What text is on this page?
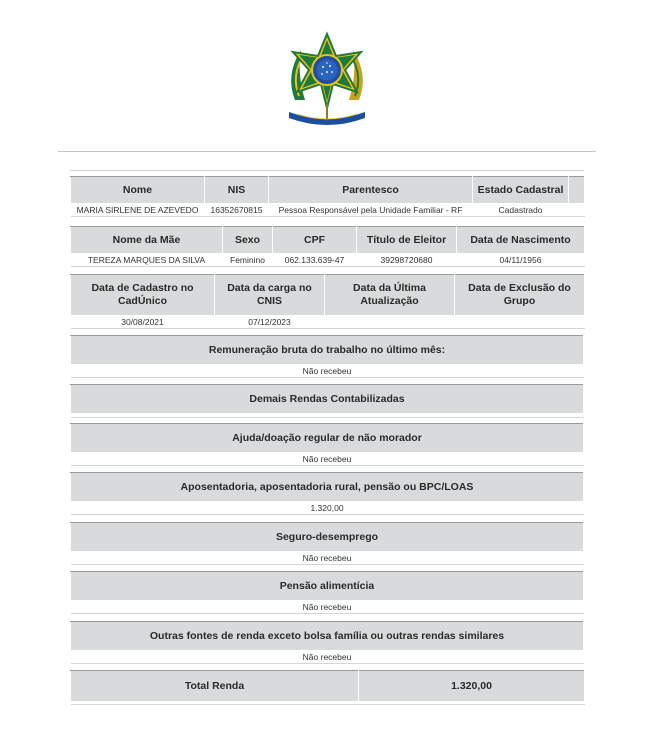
Nome	NIS	Parentesco	Estado Cadastral	
MARIA SIRLENE DE AZEVEDO	16352670815	Pessoa Responsável pela Unidade Familiar - RF	Cadastrado	
Nome da Mãe	Sexo	CPF	Título de Eleitor	Data de Nascimento
TEREZA MARQUES DA SILVA	Feminino	062.133.639-47	39298720680	04/11/1956
Data de Cadastro no CadÚnico	Data da carga no CNIS	Data da Última Atualização	Data de Exclusão do Grupo
30/08/2021	07/12/2023		
Remuneração bruta do trabalho no último mês:
Não recebeu
Demais Rendas Contabilizadas

Ajuda/doação regular de não morador
Não recebeu
Aposentadoria, aposentadoria rural, pensão ou BPC/LOAS
1.320,00
Seguro-desemprego
Não recebeu
Pensão alimentícia
Não recebeu
Outras fontes de renda exceto bolsa família ou outras rendas similares
Não recebeu
Total Renda	1.320,00
